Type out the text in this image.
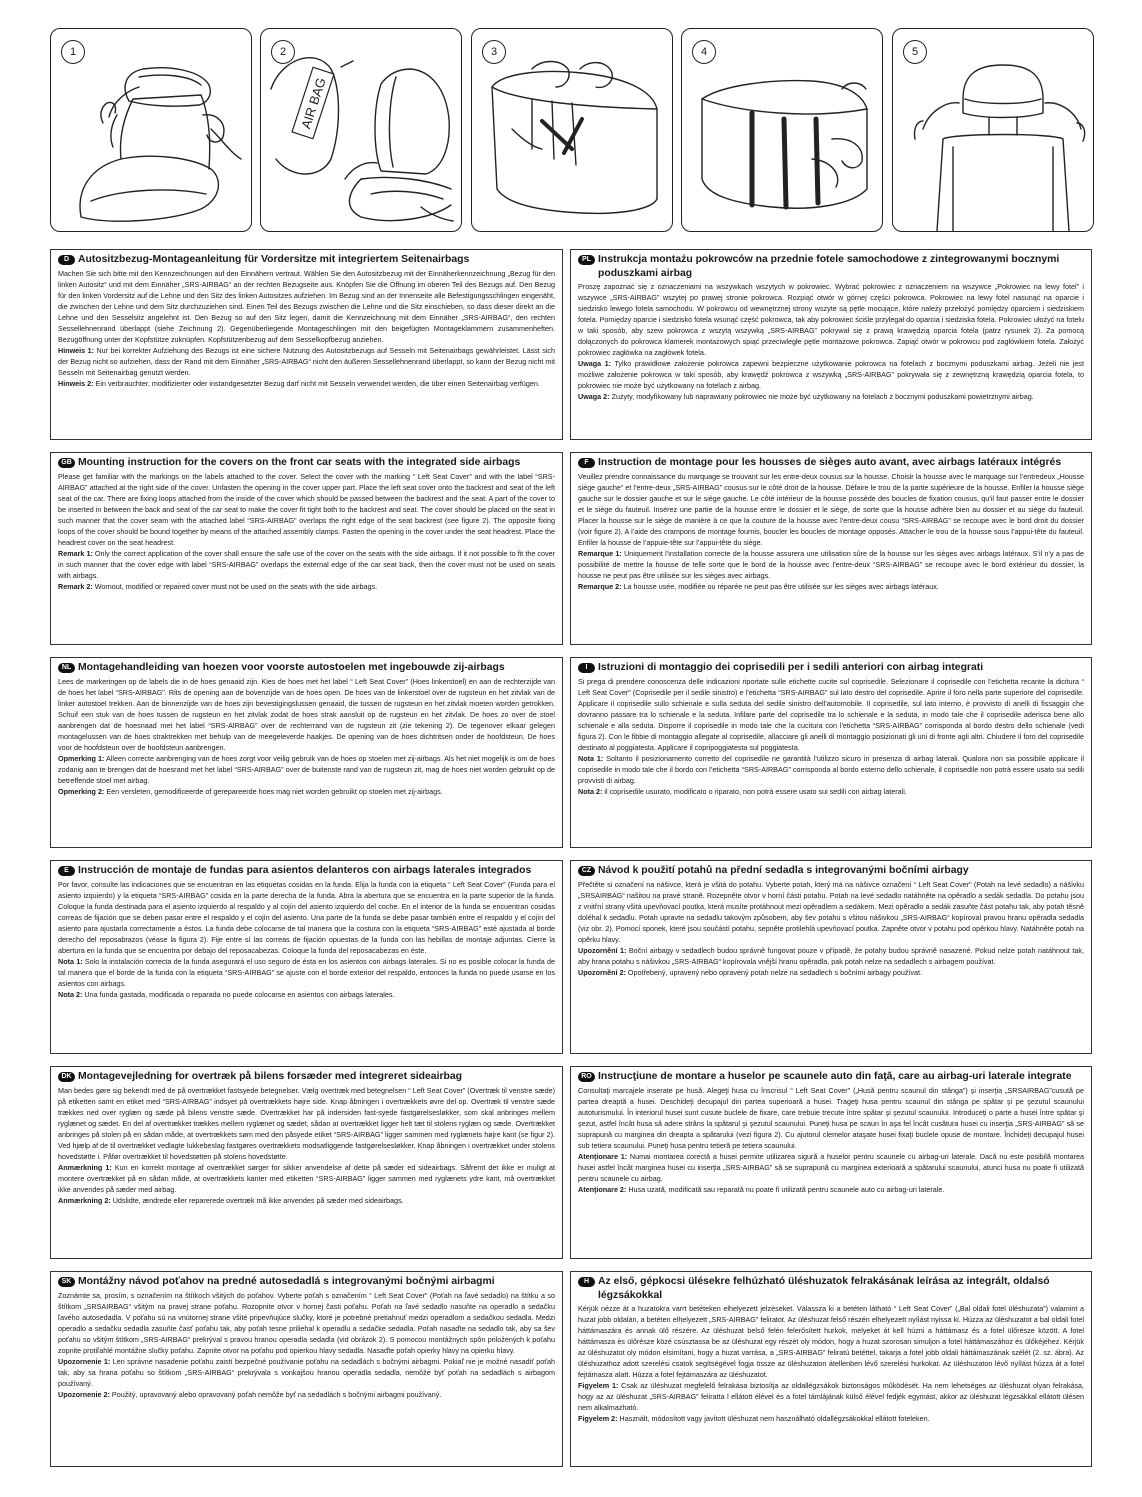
1	2
AIR BAG
3	4	5
D Autositzbezug-Montageanleitung für Vordersitze mit integriertem Seitenairbags

Machen Sie sich bitte mit den Kennzeichnungen auf den Einnähern vertraut. Wählen Sie den Autositzbezug mit der Einnäherkennzeichnung „Bezug für den linken Autositz“ und mit dem Einnäher „SRS-AIRBAG“ an der rechten Bezugseite aus. Knöpfen Sie die Öffnung im oberen Teil des Bezugs auf. Den Bezug für den linken Vordersitz auf die Lehne und den Sitz des linken Autositzes aufziehen. Im Bezug sind an der Innenseite alle Befestigungsschlingen eingenäht, die zwischen der Lehne und dem Sitz durchzuziehen sind. Einen Teil des Bezugs zwischen die Lehne und die Sitz einschieben, so dass dieser direkt an die Lehne und den Sesselsitz angelehnt ist. Den Bezug so auf den Sitz legen, damit die Kennzeichnung mit dem Einnäher „SRS-AIRBAG“, den rechten Sessellehnenrand überlappt (siehe Zeichnung 2). Gegenüberliegende Montageschlingen mit den beigefügten Montageklammern zusammenheften. Bezugöffnung unter der Kopfstütze zuknüpfen. Kopfstützenbezug auf dem Sesselkopfbezug anziehen.

Hinweis 1: Nur bei korrekter Aufziehung des Bezugs ist eine sichere Nutzung des Autositzbezugs auf Sesseln mit Seitenairbags gewährleistet. Lässt sich der Bezug nicht so aufziehen, dass der Rand mit dem Einnäher „SRS-AIRBAG“ nicht den äußeren Sessellehnenrand überlappt, so kann der Bezug nicht mit Sesseln mit Seitenairbag genutzt werden.

Hinweis 2: Ein verbrauchter, modifizierter oder instandgesetzter Bezug darf nicht mit Sesseln verwendet werden, die über einen Seitenairbag verfügen.

PL Instrukcja montażu pokrowców na przednie fotele samochodowe z zintegrowanymi bocznymi poduszkami airbag

Proszę zapoznać się z oznaczeniami na wszywkach wszytych w pokrowiec. Wybrać pokrowiec z oznaczeniem na wszywce „Pokrowiec na lewy fotel” i wszywce „SRS-AIRBAG” wszytej po prawej stronie pokrowca. Rozpiąć otwór w górnej części pokrowca. Pokrowiec na lewy fotel nasunąć na oparcie i siedzisko lewego fotela samochodu. W pokrowcu od wewnętrznej strony wszyte są pętle mocujące, które należy przełożyć pomiędzy oparciem i siedziskiem fotela. Pomiędzy oparcie i siedzisko fotela wsunąć część pokrowca, tak aby pokrowiec ściśle przylegał do oparcia i siedziska fotela. Pokrowiec ułożyć na fotelu w taki sposób, aby szew pokrowca z wszytą wszywką „SRS-AIRBAG” pokrywał się z prawą krawędzią oparcia fotela (patrz rysunek 2). Za pomocą dołączonych do pokrowca klamerek montażowych spiąć przeciwległe pętle montażowe pokrowca. Zapiąć otwór w pokrowcu pod zagłówkiem fotela. Założyć pokrowiec zagłówka na zagłówek fotela.

Uwaga 1: Tylko prawidłowe założenie pokrowca zapewni bezpieczne użytkowanie pokrowca na fotelach z bocznymi poduszkami airbag. Jeżeli nie jest możliwe założenie pokrowca w taki sposób, aby krawędź pokrowca z wszywką „SRS-AIRBAG” pokrywała się z zewnętrzną krawędzią oparcia fotela, to pokrowiec nie może być użytkowany na fotelach z airbag.

Uwaga 2: Zużyty, modyfikowany lub naprawiany pokrowiec nie może być użytkowany na fotelach z bocznymi poduszkami powietrznymi airbag.

GB Mounting instruction for the covers on the front car seats with the integrated side airbags

Please get familiar with the markings on the labels attached to the cover. Select the cover with the marking “ Left Seat Cover” and with the label “SRS-AIRBAG” attached at the right side of the cover. Unfasten the opening in the cover upper part. Place the left seat cover onto the backrest and seat of the left seat of the car. There are fixing loops attached from the inside of the cover which should be passed between the backrest and the seat. A part of the cover to be inserted in between the back and seat of the car seat to make the cover fit tight both to the backrest and seat. The cover should be placed on the seat in such manner that the cover seam with the attached label “SRS-AIRBAG” overlaps the right edge of the seat backrest (see figure 2). The opposite fixing loops of the cover should be bound together by means of the attached assembly clamps. Fasten the opening in the cover under the seat headrest. Place the headrest cover on the seat headrest.

Remark 1: Only the correct application of the cover shall ensure the safe use of the cover on the seats with the side airbags. If it not possible to fit the cover in such manner that the cover edge with label “SRS-AIRBAG” overlaps the external edge of the car seat back, then the cover must not be used on seats with airbags.

Remark 2: Wornout, modified or repaired cover must not be used on the seats with the side airbags.

F Instruction de montage pour les housses de sièges auto avant, avec airbags latéraux intégrés

Veuillez prendre connaissance du marquage se trouvant sur les entre-deux cousus sur la housse. Choisir la housse avec le marquage sur l’entredeux „Housse siège gauche” et l’entre-deux „SRS-AIRBAG” cousus sur le côté droit de la housse. Défaire le trou de la partie supérieure de la housse. Enfiler la housse siège gauche sur le dossier gauche et sur le siège gauche. Le côté intérieur de la housse possède des boucles de fixation cousus, qu’il faut passer entre le dossier et le siège du fauteuil. Insérez une partie de la housse entre le dossier et le siège, de sorte que la housse adhère bien au dossier et au siège du fauteuil. Placer la housse sur le siège de manière à ce que la couture de la housse avec l’entre-deux cousu “SRS-AIRBAG” se recoupe avec le bord droit du dossier (voir figure 2). A l’aide des crampons de montage fournis, boucler les boucles de montage opposés. Attacher le trou de la housse sous l’appui-tête du fauteuil. Enfiler la housse de l’appuie-tête sur l’appui-tête du siège.

Remarque 1: Uniquement l’installation correcte de la housse assurera une utilisation sûre de la housse sur les sièges avec airbags latéraux. S’il n’y a pas de possibilité de mettre la housse de telle sorte que le bord de la housse avec l’entre-deux “SRS-AIRBAG” se recoupe avec le bord extérieur du dossier, la housse ne peut pas être utilisée sur les sièges avec airbags.

Remarque 2: La housse usée, modifiée ou réparée ne peut pas être utilisée sur les sièges avec airbags latéraux.

NL Montagehandleiding van hoezen voor voorste autostoelen met ingebouwde zij-airbags

Lees de markeringen op de labels die in de hoes genaaid zijn. Kies de hoes met het label “ Left Seat Cover” (Hoes linkerstoel) en aan de rechterzijde van de hoes het label “SRS-AIRBAG”. Rits de opening aan de bovenzijde van de hoes open. De hoes van de linkerstoel over de rugsteun en het zitvlak van de linker autostoel trekken. Aan de binnenzijde van de hoes zijn bevestigingslussen genaaid, die tussen de rugsteun en het zitvlak moeten worden getrokken. Schuif een stuk van de hoes tussen de rugsteun en het zitvlak zodat de hoes strak aansluit op de rugsteun en het zitvlak. De hoes zo over de stoel aanbrengen dat de hoesnaad met het label “SRS-AIRBAG” over de rechterrand van de rugsteun zit (zie tekening 2). De tegenover elkaar gelegen montagelussen van de hoes straktrekken met behulp van de meegeleverde haakjes. De opening van de hoes dichtritsen onder de hoofdsteun. De hoes voor de hoofdsteun over de hoofdsteun aanbrengen.

Opmerking 1: Alleen correcte aanbrenging van de hoes zorgt voor veilig gebruik van de hoes op stoelen met zij-airbags. Als het niet mogelijk is om de hoes zodanig aan te brengen dat de hoesrand met het label “SRS-AIRBAG” over de buitenste rand van de rugsteun zit, mag de hoes niet worden gebruikt op de betreffende stoel met airbag.

Opmerking 2: Een versleten, gemodificeerde of gerepareerde hoes mag niet worden gebruikt op stoelen met zij-airbags.

I	Istruzioni di montaggio dei coprisedili per i sedili anteriori con airbag integrati

Si prega di prendere conoscenza delle indicazioni riportate sulle etichette cucite sul coprisedile. Selezionare il coprisedile con l’etichetta recante la dicitura “ Left Seat Cover” (Coprisedile per il sedile sinistro) e l’etichetta “SRS-AIRBAG” sul lato destro del coprisedile. Aprire il foro nella parte superiore del coprisedile. Applicare il coprisedile sullo schienale e sulla seduta del sedile sinistro dell’automobile. Il coprisedile, sul lato interno, è provvisto di anelli di fissaggio che dovranno passare tra lo schienale e la seduta. Infilare parte del coprisedile tra lo schienale e la seduta, in modo tale che il coprisedile aderisca bene allo schienale e alla seduta. Disporre il coprisedile in modo tale che la cucitura con l’etichetta “SRS-AIRBAG” corrisponda al bordo destro dello schienale (vedi figura 2). Con le fibbie di montaggio allegate al coprisedile, allacciare gli anelli di montaggio posizionati gli uni di fronte agli altri. Chiudere il foro del coprisedile destinato al poggiatesta. Applicare il copripoggiatesta sul poggiatesta.

Nota 1: Soltanto il posizionamento corretto del coprisedile ne garantità l’utilizzo sicuro in presenza di airbag laterali. Qualora non sia possibile applicare il coprisedile in modo tale che il bordo con l’etichetta “SRS-AIRBAG” corrisponda al bordo esterno dello schienale, il coprisedile non potrà essere usato sui sedili provvisti di airbag.

Nota 2: il coprisedile usurato, modificato o riparato, non potrà essere usato sui sedili con airbag laterali.

E Instrucción de montaje de fundas para asientos delanteros con airbags laterales integrados

Por favor, consulte las indicaciones que se encuentran en las etiquetas cosidas en la funda. Elija la funda con la etiqueta “ Left Seat Cover” (Funda para el asiento izquierdo) y la etiqueta “SRS-AIRBAG” cosida en la parte derecha de la funda. Abra la abertura que se encuentra en la parte superior de la funda. Coloque la funda destinada para el asiento izquierdo al respaldo y al cojín del asiento izquierdo del coche. En el interior de la funda se encuentran cosidas correas de fijación que se deben pasar entre el respaldo y el cojín del asiento. Una parte de la funda se debe pasar también entre el respaldo y el cojín del asiento para ajustarla correctamente a éstos. La funda debe colocarse de tal manera que la costura con la etiqueta “SRS-AIRBAG” esté ajustada al borde derecho del reposabrazos (véase la figura 2). Fije entre sí las correas de fijación opuestas de la funda con las hebillas de montaje adjuntas. Cierre la abertura en la funda que se encuentra por debajo del reposacabezas. Coloque la funda del reposacabezas en éste.

Nota 1: Solo la instalación correcta de la funda asegurará el uso seguro de ésta en los asientos con airbags laterales. Si no es posible colocar la funda de tal manera que el borde de la funda con la etiqueta “SRS-AIRBAG” se ajuste con el borde exterior del respaldo, entonces la funda no puede usarse en los asientos con airbags.

Nota 2: Una funda gastada, modificada o reparada no puede colocarse en asientos con airbags laterales.

CZ Návod k použití potahů na přední sedadla s integrovanými bočními airbagy

Přečtěte si označení na nášivce, která je všitá do potahu. Vyberte potah, který má na nášivce označení “ Left Seat Cover” (Potah na levé sedadlo) a nášivku „SRSAIRBAG“ našitou na pravé straně. Rozepněte otvor v horní části potahu. Potah na levé sedadlo natáhněte na opěradlo a sedák sedadla. Do potahu jsou z vnitřní strany všitá upevňovací poutka, která musíte protáhnout mezi opěradlem a sedákem. Mezi opěradlo a sedák zasuňte část potahu tak, aby potah těsně doléhal k sedadlu. Potah upravte na sedadlu takovým způsobem, aby šev potahu s všitou nášivkou „SRS-AIRBAG“ kopíroval pravou hranu opěradla sedadla (viz obr. 2). Pomocí sponek, které jsou součástí potahu, sepněte protilehlá upevňovací poutka. Zapněte otvor v potahu pod opěrkou hlavy. Natáhněte potah na opěrku hlavy.

Upozornění 1: Boční airbagy v sedadlech budou správně fungovat pouze v případě, že potahy budou správně nasazené. Pokud nelze potah natáhnout tak, aby hrana potahu s nášivkou „SRS-AIRBAG“ kopírovala vnější hranu opěradla, pak potah nelze na sedadlech s airbagem používat.

Upozornění 2: Opotřebený, upravený nebo opravený potah nelze na sedadlech s bočními airbagy používat.

DK Montagevejledning for overtræk på bilens forsæder med integreret sideairbag

Man bedes gøre sig bekendt med de på overtrækket fastsyede betegnelser. Vælg overtræk med betegnelsen “ Left Seat Cover” (Overtræk til venstre sæde) på etiketten samt en etiket med “SRS-AIRBAG” indsyet på overtrækkets højre side. Knap åbningen i overtrækkets øvre del op. Overtræk til venstre sæde trækkes ned over ryglæn og sæde på bilens venstre sæde. Overtrækket har på indersiden fast-syede fastgørelsesløkker, som skal anbringes mellem ryglænet og sædet. En del af overtrækket trækkes mellem ryglænet og sædet, sådan at overtrækket ligger helt tæt til stolens ryglæn og sæde. Overtrækket anbringes på stolen på en sådan måde, at overtrækkets søm med den påsyede etiket “SRS-AIRBAG” ligger sammen med ryglænets højre kant (se figur 2). Ved hjælp af de til overtrækket vedlagte lukkebeslag fastgøres overtrækkets modsatliggende fastgørelsesløkker. Knap åbningen i overtrækket under stolens hovedstøtte i. Påfør overtrækket til hovedstøtten på stolens hovedstøtte.

Anmærkning 1: Kun en korrekt montage af overtrækket sørger for sikker anvendelse af dette på sæder ed sideairbags. Såfremt det ikke er muligt at montere overtrækket på en sådan måde, at overtrækkets kanter med etiketten “SRS-AIRBAG” ligger sammen med ryglænets ydre kant, må overtrækket ikke anvendes på sæder med airbag.

Anmærkning 2: Udslidte, ændrede eller reparerede overtræk må ikke anvendes på sæder med sideairbags.

RO Instrucţiune de montare a huselor pe scaunele auto din faţă, care au airbag-uri laterale integrate

Consultaţi marcajele inserate pe husă. Alegeţi husa cu înscrisul “ Left Seat Cover” („Husă pentru scaunul din stânga”) şi inserţia „SRSAIRBAG”cusută pe partea dreaptă a husei. Deschideţi decupajul din partea superioară a husei. Trageţi husa pentru scaunul din stânga pe spătar şi pe şezutul scaunului autoturismului. În interiorul husei sunt cusute buclele de fixare, care trebuie trecute între spătar şi şezutul scaunului. Introduceţi o parte a husei între spătar şi şezut, astfel încât husa să adere strâns la spătarul şi şezutul scaunului. Puneţi husa pe scaun în aşa fel încât cusătura husei cu inserţia „SRS-AIRBAG” să se suprapună cu marginea din dreapta a spătarului (vezi figura 2). Cu ajutorul clemelor ataşate husei fixaţi buclele opuse de montare. Închideţi decupajul husei sub tetiera scaunului. Puneţi husa pentru tetieră pe tetiera scaunului.

Atenţionare 1: Numai montarea corectă a husei permite utilizarea sigură a huselor pentru scaunele cu airbag-uri laterale. Dacă nu este posibilă montarea husei astfel încât marginea husei cu inserţia „SRS-AIRBAG” să se suprapună cu marginea exterioară a spătarului scaunului, atunci husa nu poate fi utilizată pentru scaunele cu airbag.

Atenţionare 2: Husa uzată, modificată sau reparată nu poate fi utilizată pentru scaunele auto cu airbag-uri laterale.

SK Montážny návod poťahov na predné autosedadlá s integrovanými bočnými airbagmi

Zoznámte sa, prosím, s označením na štítkoch všitých do poťahov. Vyberte poťah s označením “ Left Seat Cover” (Poťah na ľavé sedadlo) na štítku a so štítkom „SRSAIRBAG“ všitým na pravej strane poťahu. Rozopnite otvor v hornej časti poťahu. Poťah na ľavé sedadlo nasuňte na operadlo a sedačku ľavého autosedadla. V poťahu sú na vnútornej strane všité pripevňujúce slučky, ktoré je potrebné pretiahnuť medzi operadlom a sedačkou sedadla. Medzi operadlo a sedačku sedadla zasuňte časť poťahu tak, aby poťah tesne priliehal k operadlu a sedačke sedadla. Poťah nasaďte na sedadlo tak, aby sa šev poťahu so všitým štítkom „SRS-AIRBAG“ prekrýval s pravou hranou operadla sedadla (vid obrázok 2). S pomocou montážnych spôn priložených k poťahu zopnite protiľahlé montážne slučky poťahu. Zapnite otvor na poťahu pod opierkou hlavy sedadla. Nasaďte poťah opierky hlavy na opierku hlavy.

Upozornenie 1: Len správne nasadenie poťahu zaistí bezpečné používanie poťahu na sedadlách s bočnými airbagmi. Pokiaľ nie je možné nasadiť poťah tak, aby sa hrana poťahu so štítkom „SRS-AIRBAG“ prekrývala s vonkajšou hranou operadla sedadla, nemôže byť poťah na sedadlách s airbagom používaný.

Upozornenie 2: Použitý, upravovaný alebo opravovaný poťah nemôže byť na sedadlách s bočnými airbagmi používaný.

H Az első, gépkocsi ülésekre felhúzható üléshuzatok felrakásának leírása az integrált, oldalsó légzsákokkal

Kérjük nézze át a huzatokra varrt betéteken elhelyezett jelzéseket. Válassza ki a betéten látható “ Left Seat Cover” („Bal oldali fotel üléshuzata”) valamint a huzat jobb oldalán, a betéten elhelyezett „SRS-AIRBAG” feliratot. Az üléshuzat felső részén elhelyezett nyílást nyissa ki. Húzza az üléshuzatot a bal oldali fotel háttámaszára és annak ülő részére. Az üléshuzat belső felén felerősített hurkok, melyeket át kell húzni a háttámasz és a fotel ülőrésze között. A fotel háttámasza és ülőrésze közé csúsztassa be az üléshuzat egy részét oly módon, hogy a huzat szorosan simuljon a fotel háttámaszához és ülőkéjéhez. Kérjük az üléshuzatot oly módon elsimítani, hogy a huzat varrása, a „SRS-AIRBAG” feliratú betéttel, takarja a fotel jobb oldali háttámaszának szélét (2. sz. ábra). Az üléshuzathoz adott szerelési csatok segítségével fogja össze az üléshuzaton átellenben lévő szerelési hurkokat. Az üléshuzaton lévő nyílást húzza át a fotel fejtámasza alatt. Húzza a fotel fejtámaszára az üléshuzatot.

Figyelem 1: Csak az üléshuzat megfelelő felrakása biztosítja az oldallégzsákok biztonságos működését. Ha nem lehetséges az üléshuzat olyan felrakása, hogy az az üléshuzat „SRS-AIRBAG” feliratta l ellátott élével és a fotel támlájának külső élével fedjék egymást, akkor az üléshuzat légzsákkal ellátott ülésen nem alkalmazható.

Figyelem 2: Használt, módosított vagy javított üléshuzat nem használható oldallégzsákokkal ellátott foteleken.
